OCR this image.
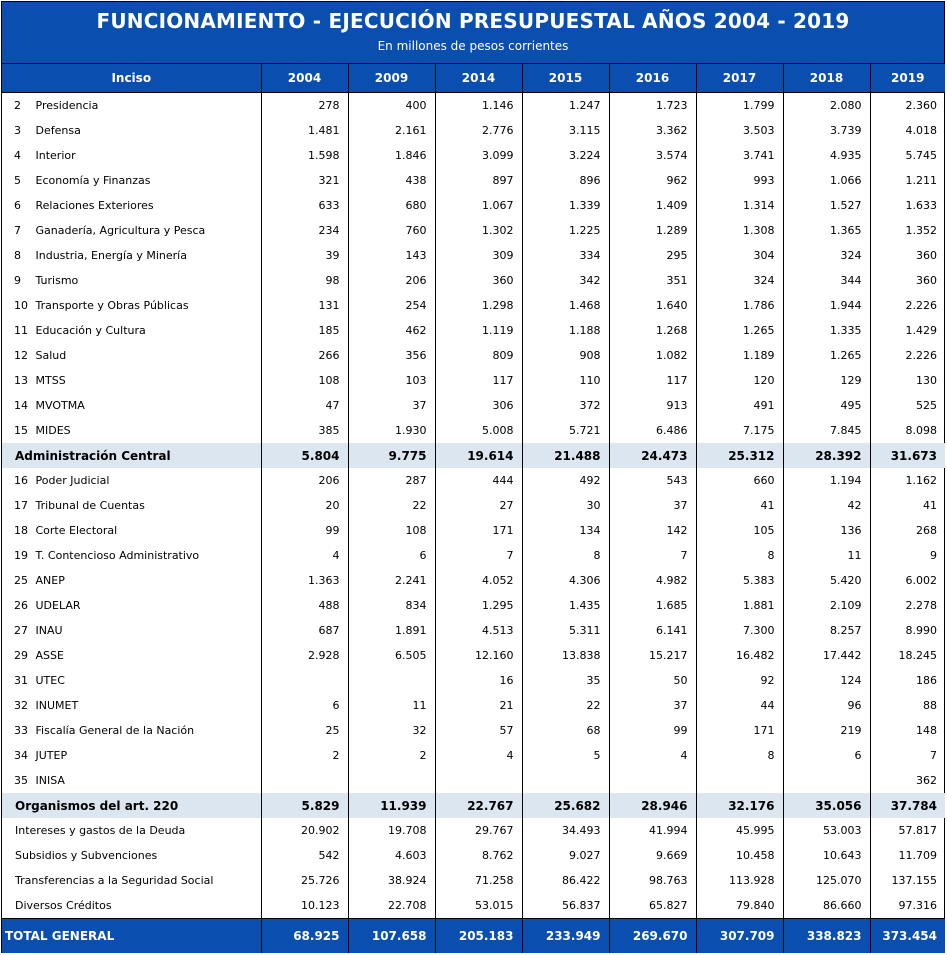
FUNCIONAMIENTO - EJECUCIÓN PRESUPUESTAL AÑOS 2004 - 2019
En millones de pesos corrientes
Inciso	2004	2009	2014	2015	2016	2017	2018	2019
2 Presidencia	278	400	1.146	1.247	1.723	1.799	2.080	2.360
3 Defensa	1.481	2.161	2.776	3.115	3.362	3.503	3.739	4.018
4 Interior	1.598	1.846	3.099	3.224	3.574	3.741	4.935	5.745
5 Economía y Finanzas	321	438	897	896	962	993	1.066	1.211
6 Relaciones Exteriores	633	680	1.067	1.339	1.409	1.314	1.527	1.633
7 Ganadería, Agricultura y Pesca	234	760	1.302	1.225	1.289	1.308	1.365	1.352
8 Industria, Energía y Minería	39	143	309	334	295	304	324	360
9 Turismo	98	206	360	342	351	324	344	360
10 Transporte y Obras Públicas	131	254	1.298	1.468	1.640	1.786	1.944	2.226
11 Educación y Cultura	185	462	1.119	1.188	1.268	1.265	1.335	1.429
12 Salud	266	356	809	908	1.082	1.189	1.265	2.226
13 MTSS	108	103	117	110	117	120	129	130
14 MVOTMA	47	37	306	372	913	491	495	525
15 MIDES	385	1.930	5.008	5.721	6.486	7.175	7.845	8.098
Administración Central	5.804	9.775	19.614	21.488	24.473	25.312	28.392	31.673
16 Poder Judicial	206	287	444	492	543	660	1.194	1.162
17 Tribunal de Cuentas	20	22	27	30	37	41	42	41
18 Corte Electoral	99	108	171	134	142	105	136	268
19 T. Contencioso Administrativo	4	6	7	8	7	8	11	9
25 ANEP	1.363	2.241	4.052	4.306	4.982	5.383	5.420	6.002
26 UDELAR	488	834	1.295	1.435	1.685	1.881	2.109	2.278
27 INAU	687	1.891	4.513	5.311	6.141	7.300	8.257	8.990
29 ASSE	2.928	6.505	12.160	13.838	15.217	16.482	17.442	18.245
31 UTEC			16	35	50	92	124	186
32 INUMET	6	11	21	22	37	44	96	88
33 Fiscalía General de la Nación	25	32	57	68	99	171	219	148
34 JUTEP	2	2	4	5	4	8	6	7
35 INISA								362
Organismos del art. 220	5.829	11.939	22.767	25.682	28.946	32.176	35.056	37.784
Intereses y gastos de la Deuda	20.902	19.708	29.767	34.493	41.994	45.995	53.003	57.817
Subsidios y Subvenciones	542	4.603	8.762	9.027	9.669	10.458	10.643	11.709
Transferencias a la Seguridad Social	25.726	38.924	71.258	86.422	98.763	113.928	125.070	137.155
Diversos Créditos	10.123	22.708	53.015	56.837	65.827	79.840	86.660	97.316
TOTAL GENERAL	68.925	107.658	205.183	233.949	269.670	307.709	338.823	373.454
